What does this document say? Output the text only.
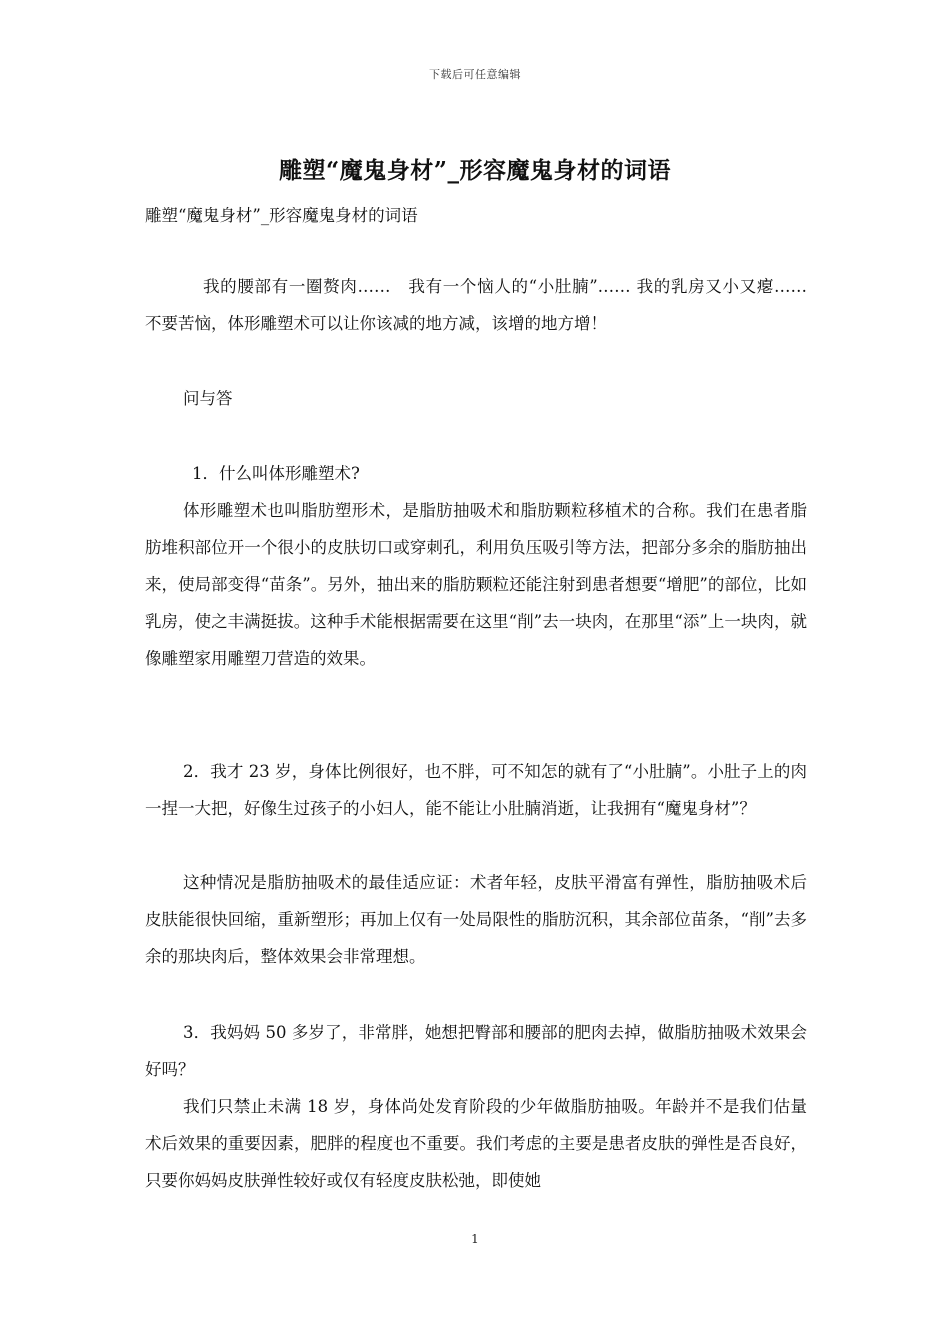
下载后可任意编辑
雕塑“魔鬼身材”_形容魔鬼身材的词语
雕塑“魔鬼身材”_形容魔鬼身材的词语
我的腰部有一圈赘肉……　我有一个恼人的“小肚腩”…… 我的乳房又小又瘪…… 不要苦恼，体形雕塑术可以让你该减的地方减，该增的地方增！
问与答
1．什么叫体形雕塑术?
体形雕塑术也叫脂肪塑形术，是脂肪抽吸术和脂肪颗粒移植术的合称。我们在患者脂肪堆积部位开一个很小的皮肤切口或穿刺孔，利用负压吸引等方法，把部分多余的脂肪抽出来，使局部变得“苗条”。另外，抽出来的脂肪颗粒还能注射到患者想要“增肥”的部位，比如乳房，使之丰满挺拔。这种手术能根据需要在这里“削”去一块肉，在那里“添”上一块肉，就像雕塑家用雕塑刀营造的效果。
2．我才 23 岁，身体比例很好，也不胖，可不知怎的就有了“小肚腩”。小肚子上的肉一捏一大把，好像生过孩子的小妇人，能不能让小肚腩消逝，让我拥有“魔鬼身材”？
这种情况是脂肪抽吸术的最佳适应证：术者年轻，皮肤平滑富有弹性，脂肪抽吸术后皮肤能很快回缩，重新塑形；再加上仅有一处局限性的脂肪沉积，其余部位苗条，“削”去多余的那块肉后，整体效果会非常理想。
3．我妈妈 50 多岁了，非常胖，她想把臀部和腰部的肥肉去掉，做脂肪抽吸术效果会好吗？
我们只禁止未满 18 岁，身体尚处发育阶段的少年做脂肪抽吸。年龄并不是我们估量术后效果的重要因素，肥胖的程度也不重要。我们考虑的主要是患者皮肤的弹性是否良好，只要你妈妈皮肤弹性较好或仅有轻度皮肤松弛，即使她
1
